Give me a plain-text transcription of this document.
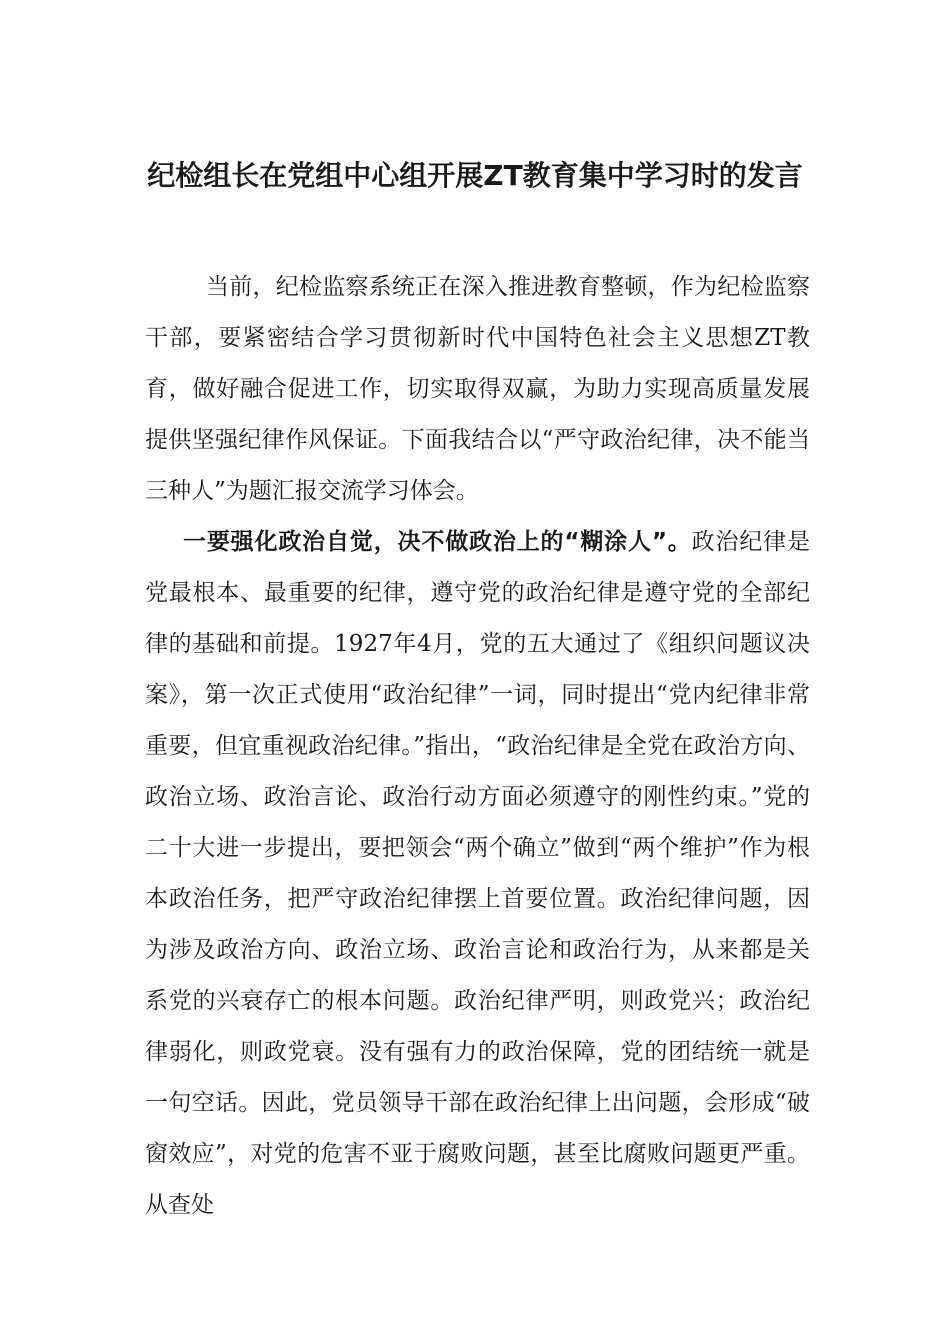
纪检组长在党组中心组开展ZT教育集中学习时的发言

当前，纪检监察系统正在深入推进教育整顿，作为纪检监察干部，要紧密结合学习贯彻新时代中国特色社会主义思想ZT教育，做好融合促进工作，切实取得双赢，为助力实现高质量发展提供坚强纪律作风保证。下面我结合以“严守政治纪律，决不能当三种人”为题汇报交流学习体会。

一要强化政治自觉，决不做政治上的“糊涂人”。政治纪律是党最根本、最重要的纪律，遵守党的政治纪律是遵守党的全部纪律的基础和前提。1927年4月，党的五大通过了《组织问题议决案》，第一次正式使用“政治纪律”一词，同时提出“党内纪律非常重要，但宜重视政治纪律。”指出，“政治纪律是全党在政治方向、政治立场、政治言论、政治行动方面必须遵守的刚性约束。”党的二十大进一步提出，要把领会“两个确立”做到“两个维护”作为根本政治任务，把严守政治纪律摆上首要位置。政治纪律问题，因为涉及政治方向、政治立场、政治言论和政治行为，从来都是关系党的兴衰存亡的根本问题。政治纪律严明，则政党兴；政治纪律弱化，则政党衰。没有强有力的政治保障，党的团结统一就是一句空话。因此，党员领导干部在政治纪律上出问题，会形成“破窗效应”，对党的危害不亚于腐败问题，甚至比腐败问题更严重。从查处
